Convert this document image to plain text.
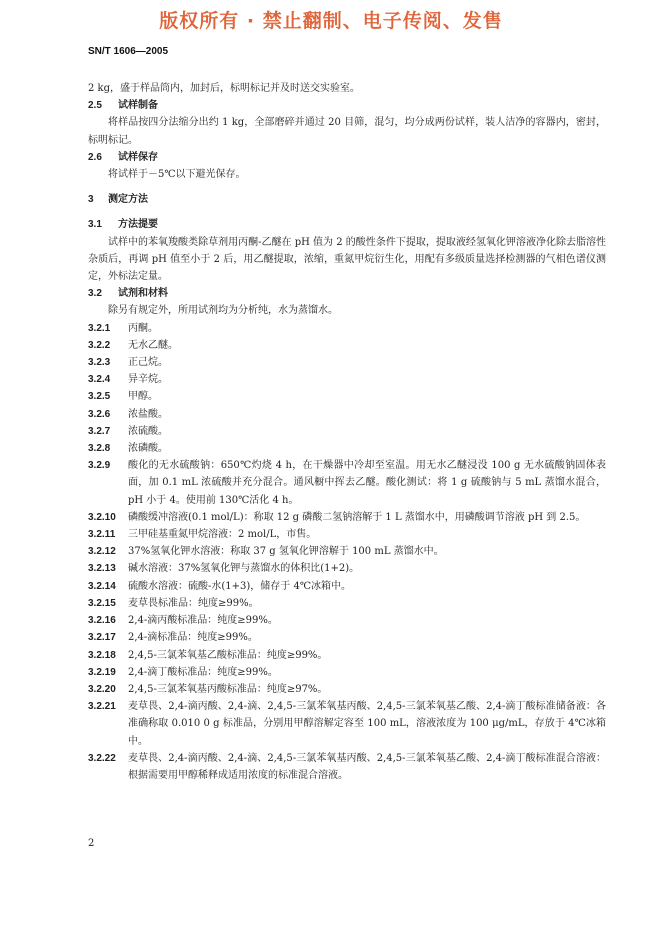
版权所有 · 禁止翻制、电子传阅、发售
SN/T 1606—2005
2 kg，盛于样品筒内，加封后，标明标记并及时送交实验室。
2.5	试样制备
将样品按四分法缩分出约 1 kg，全部磨碎并通过 20 目筛，混匀，均分成两份试样，装人洁净的容器内，密封，标明标记。
2.6	试样保存
将试样于－5℃以下避光保存。
3	测定方法
3.1	方法提要
试样中的苯氧羧酸类除草剂用丙酮-乙醚在 pH 值为 2 的酸性条件下提取，提取液经氢氧化钾溶液净化除去脂溶性杂质后，再调 pH 值至小于 2 后，用乙醚提取，浓缩，重氮甲烷衍生化，用配有多级质量选择检测器的气相色谱仪测定，外标法定量。
3.2	试剂和材料
除另有规定外，所用试剂均为分析纯，水为蒸馏水。
3.2.1	丙酮。
3.2.2	无水乙醚。
3.2.3	正己烷。
3.2.4	异辛烷。
3.2.5	甲醇。
3.2.6	浓盐酸。
3.2.7	浓硫酸。
3.2.8	浓磷酸。
3.2.9	酸化的无水硫酸钠：650℃灼烧 4 h，在干燥器中冷却至室温。用无水乙醚浸没 100 g 无水硫酸钠固体表面，加 0.1 mL 浓硫酸并充分混合。通风橱中挥去乙醚。酸化测试：将 1 g 硫酸钠与 5 mL 蒸馏水混合，pH 小于 4。使用前 130℃活化 4 h。
3.2.10	磷酸缓冲溶液(0.1 mol/L)：称取 12 g 磷酸二氢钠溶解于 1 L 蒸馏水中，用磷酸调节溶液 pH 到 2.5。
3.2.11	三甲硅基重氮甲烷溶液：2 mol/L，市售。
3.2.12	37%氢氧化钾水溶液：称取 37 g 氢氧化钾溶解于 100 mL 蒸馏水中。
3.2.13	碱水溶液：37%氢氧化钾与蒸馏水的体积比(1+2)。
3.2.14	硫酸水溶液：硫酸-水(1+3)，储存于 4℃冰箱中。
3.2.15	麦草畏标准品：纯度≥99%。
3.2.16	2,4-滴丙酸标准品：纯度≥99%。
3.2.17	2,4-滴标准品：纯度≥99%。
3.2.18	2,4,5-三氯苯氧基乙酸标准品：纯度≥99%。
3.2.19	2,4-滴丁酸标准品：纯度≥99%。
3.2.20	2,4,5-三氯苯氧基丙酸标准品：纯度≥97%。
3.2.21	麦草畏、2,4-滴丙酸、2,4-滴、2,4,5-三氯苯氧基丙酸、2,4,5-三氯苯氧基乙酸、2,4-滴丁酸标准储备液：各准确称取 0.010 0 g 标准品，分别用甲醇溶解定容至 100 mL，溶液浓度为 100 μg/mL，存放于 4℃冰箱中。
3.2.22	麦草畏、2,4-滴丙酸、2,4-滴、2,4,5-三氯苯氧基丙酸、2,4,5-三氯苯氧基乙酸、2,4-滴丁酸标准混合溶液：根据需要用甲醇稀释成适用浓度的标准混合溶液。
2
